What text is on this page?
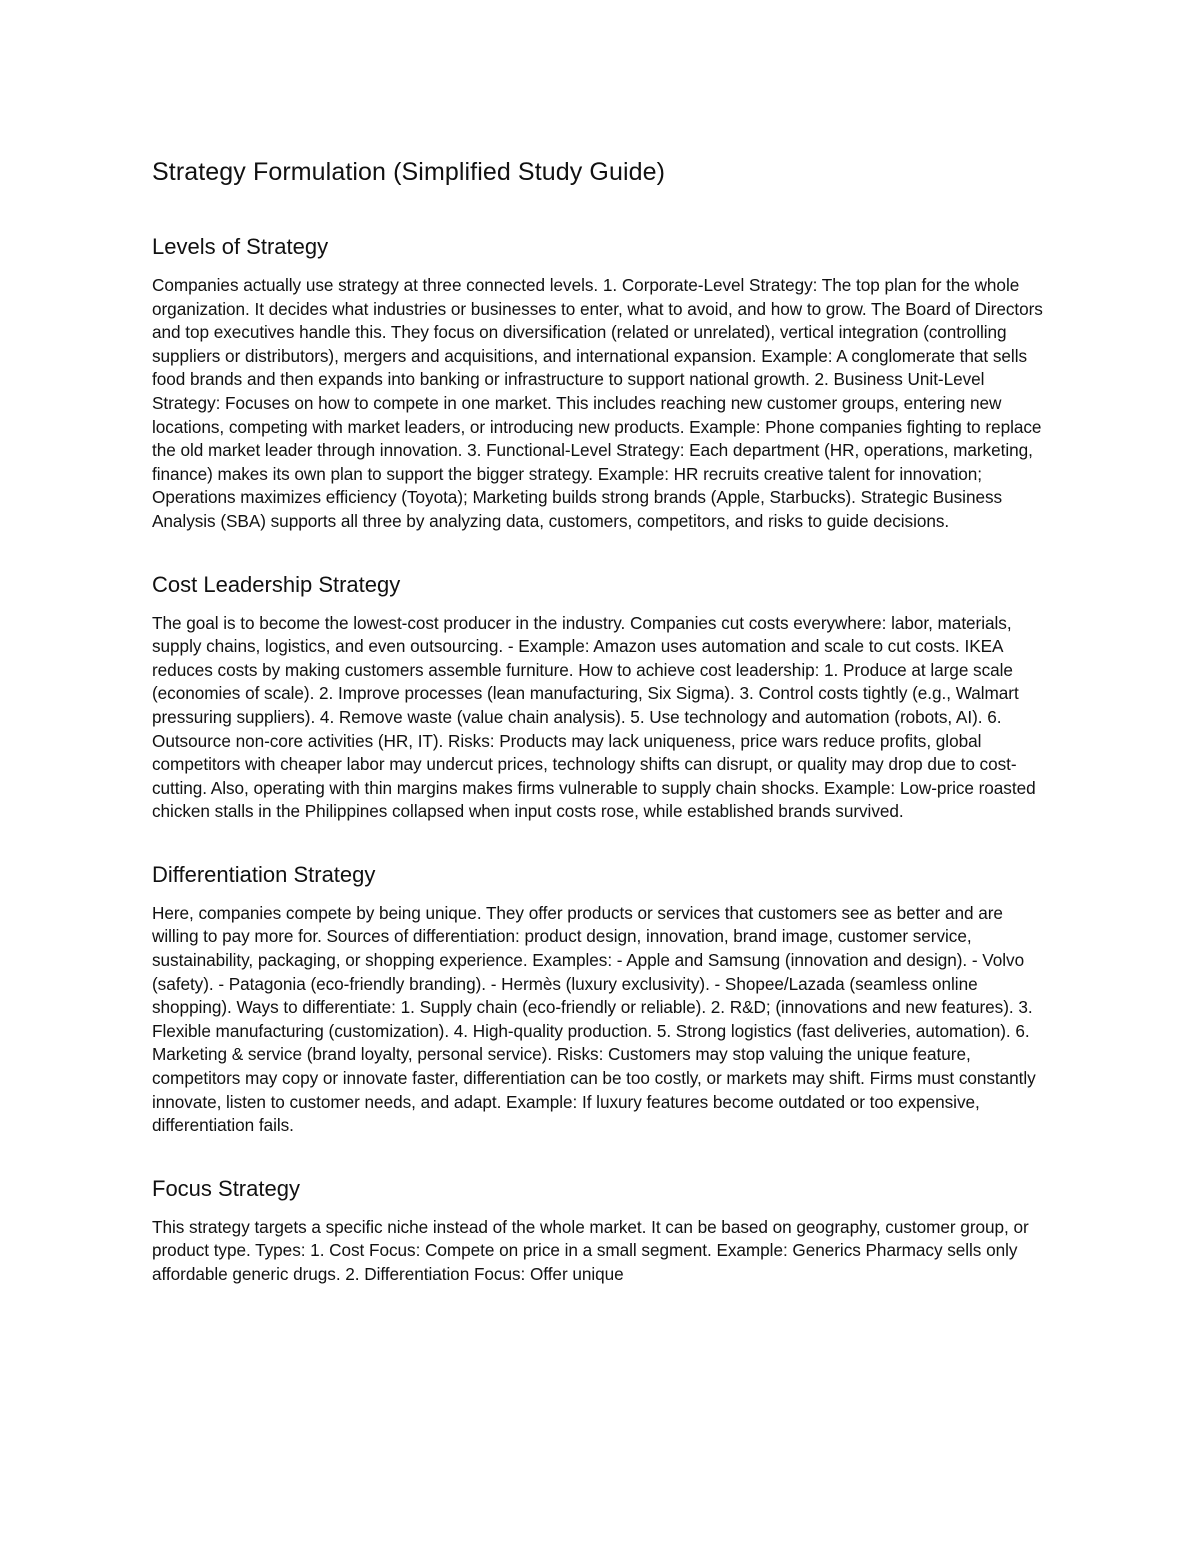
Strategy Formulation (Simplified Study Guide)
Levels of Strategy

Companies actually use strategy at three connected levels. 1. Corporate-Level Strategy: The top plan for the whole organization. It decides what industries or businesses to enter, what to avoid, and how to grow. The Board of Directors and top executives handle this. They focus on diversification (related or unrelated), vertical integration (controlling suppliers or distributors), mergers and acquisitions, and international expansion. Example: A conglomerate that sells food brands and then expands into banking or infrastructure to support national growth. 2. Business Unit-Level Strategy: Focuses on how to compete in one market. This includes reaching new customer groups, entering new locations, competing with market leaders, or introducing new products. Example: Phone companies fighting to replace the old market leader through innovation. 3. Functional-Level Strategy: Each department (HR, operations, marketing, finance) makes its own plan to support the bigger strategy. Example: HR recruits creative talent for innovation; Operations maximizes efficiency (Toyota); Marketing builds strong brands (Apple, Starbucks). Strategic Business Analysis (SBA) supports all three by analyzing data, customers, competitors, and risks to guide decisions.

Cost Leadership Strategy

The goal is to become the lowest-cost producer in the industry. Companies cut costs everywhere: labor, materials, supply chains, logistics, and even outsourcing. - Example: Amazon uses automation and scale to cut costs. IKEA reduces costs by making customers assemble furniture. How to achieve cost leadership: 1. Produce at large scale (economies of scale). 2. Improve processes (lean manufacturing, Six Sigma). 3. Control costs tightly (e.g., Walmart pressuring suppliers). 4. Remove waste (value chain analysis). 5. Use technology and automation (robots, AI). 6. Outsource non-core activities (HR, IT). Risks: Products may lack uniqueness, price wars reduce profits, global competitors with cheaper labor may undercut prices, technology shifts can disrupt, or quality may drop due to cost-cutting. Also, operating with thin margins makes firms vulnerable to supply chain shocks. Example: Low-price roasted chicken stalls in the Philippines collapsed when input costs rose, while established brands survived.

Differentiation Strategy

Here, companies compete by being unique. They offer products or services that customers see as better and are willing to pay more for. Sources of differentiation: product design, innovation, brand image, customer service, sustainability, packaging, or shopping experience. Examples: - Apple and Samsung (innovation and design). - Volvo (safety). - Patagonia (eco-friendly branding). - Hermès (luxury exclusivity). - Shopee/Lazada (seamless online shopping). Ways to differentiate: 1. Supply chain (eco-friendly or reliable). 2. R&D; (innovations and new features). 3. Flexible manufacturing (customization). 4. High-quality production. 5. Strong logistics (fast deliveries, automation). 6. Marketing & service (brand loyalty, personal service). Risks: Customers may stop valuing the unique feature, competitors may copy or innovate faster, differentiation can be too costly, or markets may shift. Firms must constantly innovate, listen to customer needs, and adapt. Example: If luxury features become outdated or too expensive, differentiation fails.

Focus Strategy

This strategy targets a specific niche instead of the whole market. It can be based on geography, customer group, or product type. Types: 1. Cost Focus: Compete on price in a small segment. Example: Generics Pharmacy sells only affordable generic drugs. 2. Differentiation Focus: Offer unique
